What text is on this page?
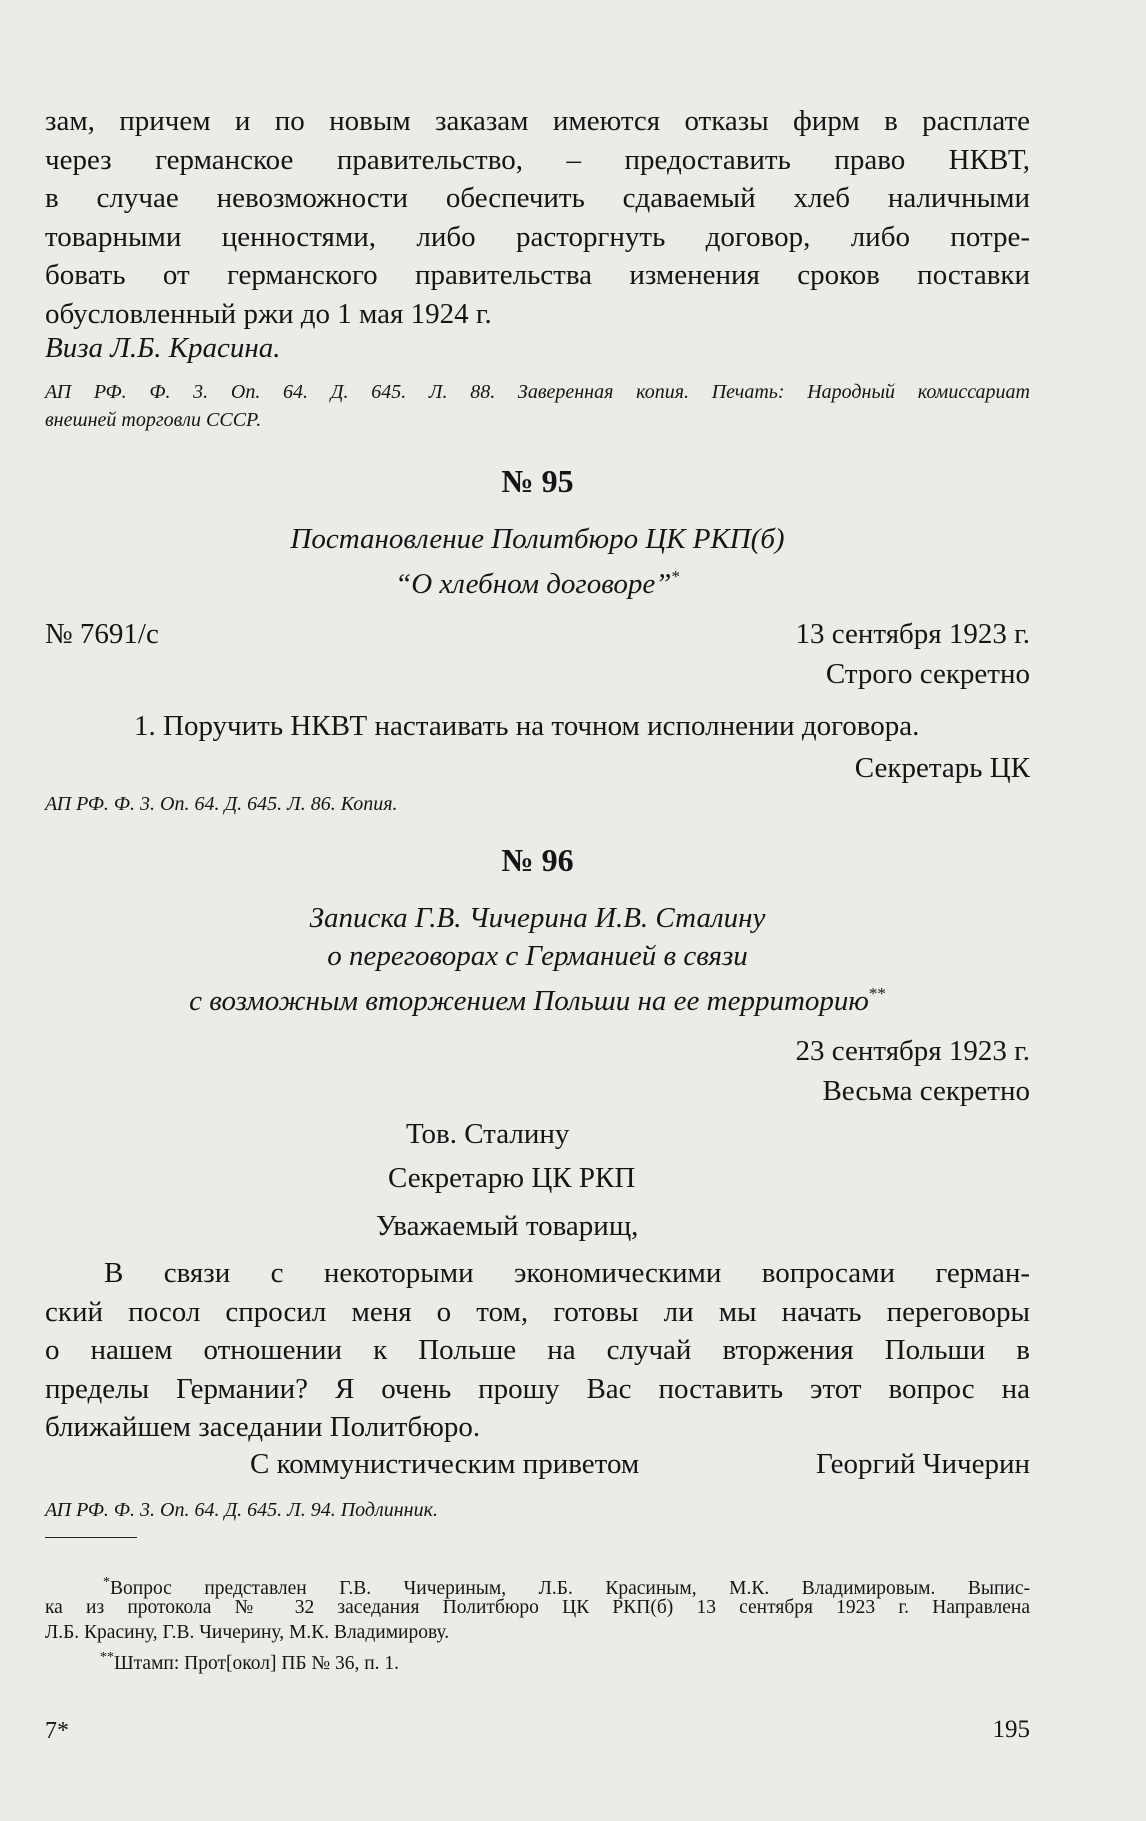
зам, причем и по новым заказам имеются отказы фирм в расплате
через германское правительство, – предоставить право НКВТ,
в случае невозможности обеспечить сдаваемый хлеб наличными
товарными ценностями, либо расторгнуть договор, либо потре-
бовать от германского правительства изменения сроков поставки
обусловленный ржи до 1 мая 1924 г.
Виза Л.Б. Красина.
АП РФ. Ф. 3. Оп. 64. Д. 645. Л. 88. Заверенная копия. Печать: Народный комиссариат
внешней торговли СССР.
№ 95
Постановление Политбюро ЦК РКП(б)
“О хлебном договоре”*
№ 7691/с	13 сентября 1923 г.
Строго секретно
1. Поручить НКВТ настаивать на точном исполнении договора.
Секретарь ЦК
АП РФ. Ф. 3. Оп. 64. Д. 645. Л. 86. Копия.
№ 96
Записка Г.В. Чичерина И.В. Сталину
о переговорах с Германией в связи
с возможным вторжением Польши на ее территорию**
23 сентября 1923 г.
Весьма секретно
Тов. Сталину
Секретарю ЦК РКП
Уважаемый товарищ,
В связи с некоторыми экономическими вопросами герман-
ский посол спросил меня о том, готовы ли мы начать переговоры
о нашем отношении к Польше на случай вторжения Польши в
пределы Германии? Я очень прошу Вас поставить этот вопрос на
ближайшем заседании Политбюро.
С коммунистическим приветом	Георгий Чичерин
АП РФ. Ф. 3. Оп. 64. Д. 645. Л. 94. Подлинник.
*Вопрос представлен Г.В. Чичериным, Л.Б. Красиным, М.К. Владимировым. Выпис-
ка из протокола № 32 заседания Политбюро ЦК РКП(б) 13 сентября 1923 г. Направлена
Л.Б. Красину, Г.В. Чичерину, М.К. Владимирову.
**Штамп: Прот[окол] ПБ № 36, п. 1.
7*	195
